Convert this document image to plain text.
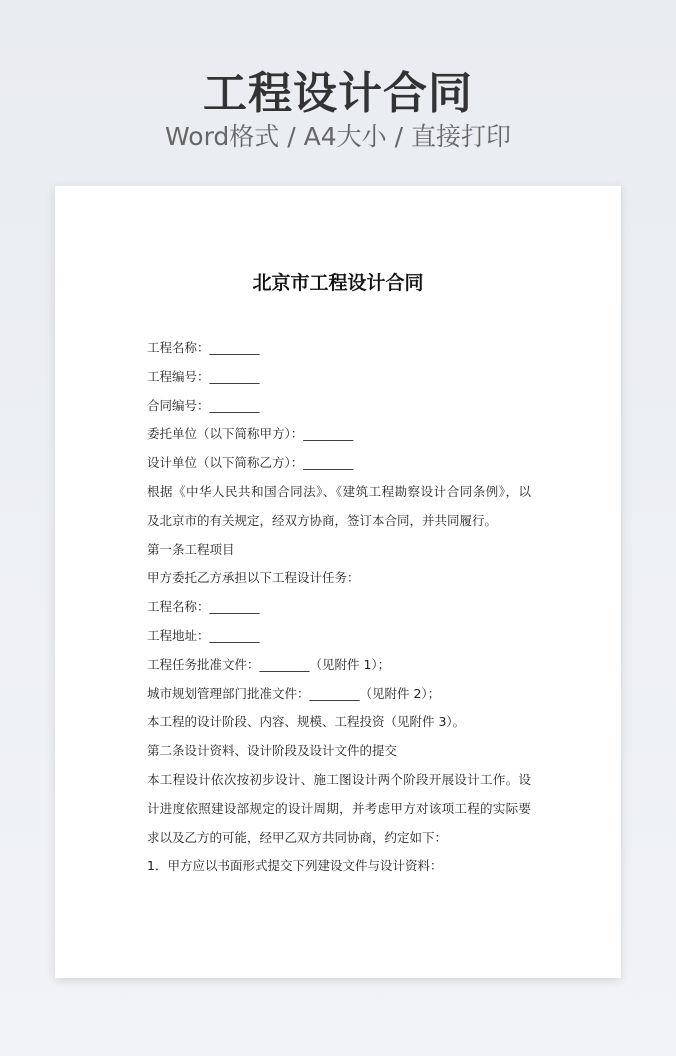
工程设计合同
Word格式 / A4大小 / 直接打印
北京市工程设计合同
工程名称：________
工程编号：________
合同编号：________
委托单位（以下简称甲方）：________
设计单位（以下简称乙方）：________
根据《中华人民共和国合同法》、《建筑工程勘察设计合同条例》，以
及北京市的有关规定，经双方协商，签订本合同，并共同履行。
第一条工程项目
甲方委托乙方承担以下工程设计任务：
工程名称：________
工程地址：________
工程任务批准文件：________（见附件 1）；
城市规划管理部门批准文件：________（见附件 2）；
本工程的设计阶段、内容、规模、工程投资（见附件 3）。
第二条设计资料、设计阶段及设计文件的提交
本工程设计依次按初步设计、施工图设计两个阶段开展设计工作。设
计进度依照建设部规定的设计周期，并考虑甲方对该项工程的实际要
求以及乙方的可能，经甲乙双方共同协商，约定如下：
1．甲方应以书面形式提交下列建设文件与设计资料：
